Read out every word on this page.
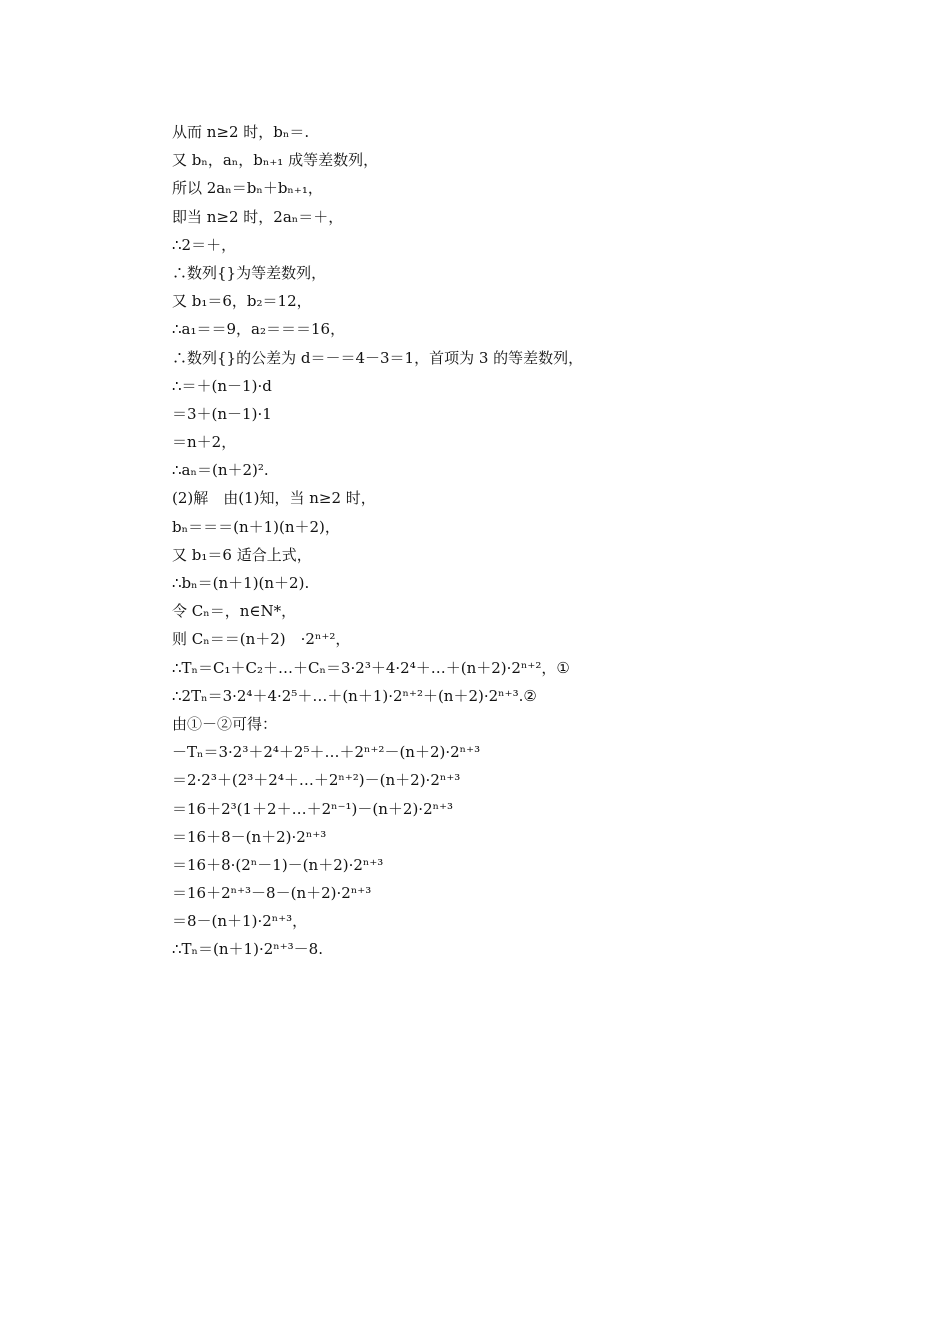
从而 n≥2 时，bₙ＝.
又 bₙ，aₙ，bₙ₊₁ 成等差数列，
所以 2aₙ＝bₙ＋bₙ₊₁，
即当 n≥2 时，2aₙ＝＋，
∴2＝＋，
∴数列{}为等差数列，
又 b₁＝6，b₂＝12，
∴a₁＝＝9，a₂＝＝＝16，
∴数列{}的公差为 d＝－＝4－3＝1，首项为 3 的等差数列，
∴＝＋(n－1)·d
＝3＋(n－1)·1
＝n＋2，
∴aₙ＝(n＋2)².
(2)解　由(1)知，当 n≥2 时，
bₙ＝＝＝(n＋1)(n＋2)，
又 b₁＝6 适合上式，
∴bₙ＝(n＋1)(n＋2).
令 Cₙ＝，n∈N*，
则 Cₙ＝＝(n＋2)　·2ⁿ⁺²，
∴Tₙ＝C₁＋C₂＋…＋Cₙ＝3·2³＋4·2⁴＋…＋(n＋2)·2ⁿ⁺²，①
∴2Tₙ＝3·2⁴＋4·2⁵＋…＋(n＋1)·2ⁿ⁺²＋(n＋2)·2ⁿ⁺³.②
由①－②可得：
－Tₙ＝3·2³＋2⁴＋2⁵＋…＋2ⁿ⁺²－(n＋2)·2ⁿ⁺³
＝2·2³＋(2³＋2⁴＋…＋2ⁿ⁺²)－(n＋2)·2ⁿ⁺³
＝16＋2³(1＋2＋…＋2ⁿ⁻¹)－(n＋2)·2ⁿ⁺³
＝16＋8－(n＋2)·2ⁿ⁺³
＝16＋8·(2ⁿ－1)－(n＋2)·2ⁿ⁺³
＝16＋2ⁿ⁺³－8－(n＋2)·2ⁿ⁺³
＝8－(n＋1)·2ⁿ⁺³，
∴Tₙ＝(n＋1)·2ⁿ⁺³－8.
